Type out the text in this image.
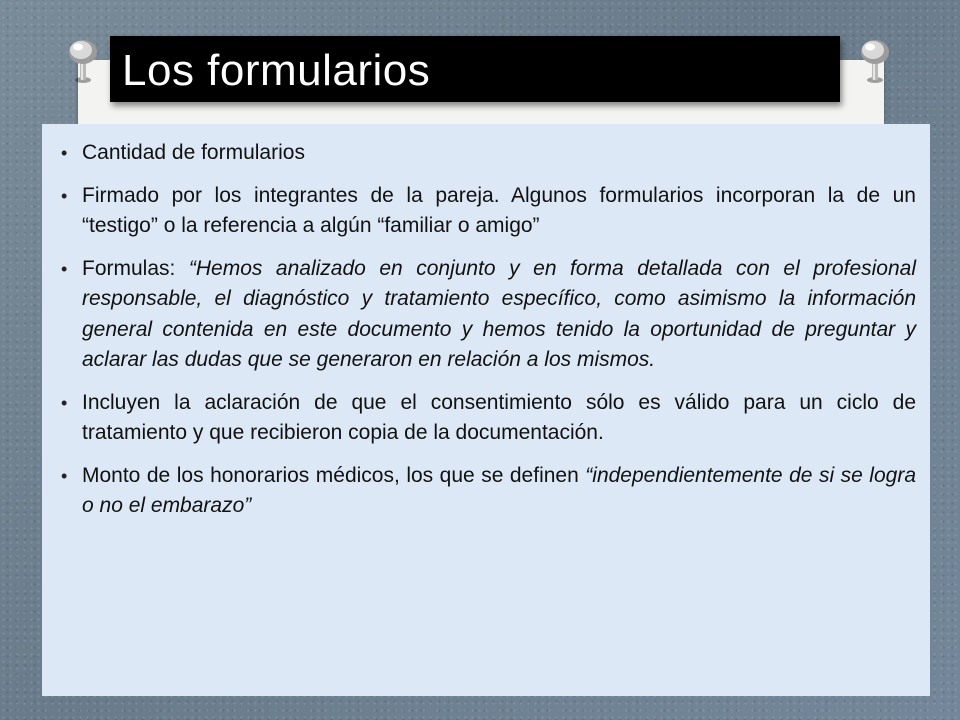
Los formularios
• Cantidad de formularios
• Firmado por los integrantes de la pareja. Algunos formularios incorporan la de un “testigo” o la referencia a algún “familiar o amigo”
• Formulas: “Hemos analizado en conjunto y en forma detallada con el profesional responsable, el diagnóstico y tratamiento específico, como asimismo la información general contenida en este documento y hemos tenido la oportunidad de preguntar y aclarar las dudas que se generaron en relación a los mismos.
• Incluyen la aclaración de que el consentimiento sólo es válido para un ciclo de tratamiento y que recibieron copia de la documentación.
• Monto de los honorarios médicos, los que se definen “independientemente de si se logra o no el embarazo”
